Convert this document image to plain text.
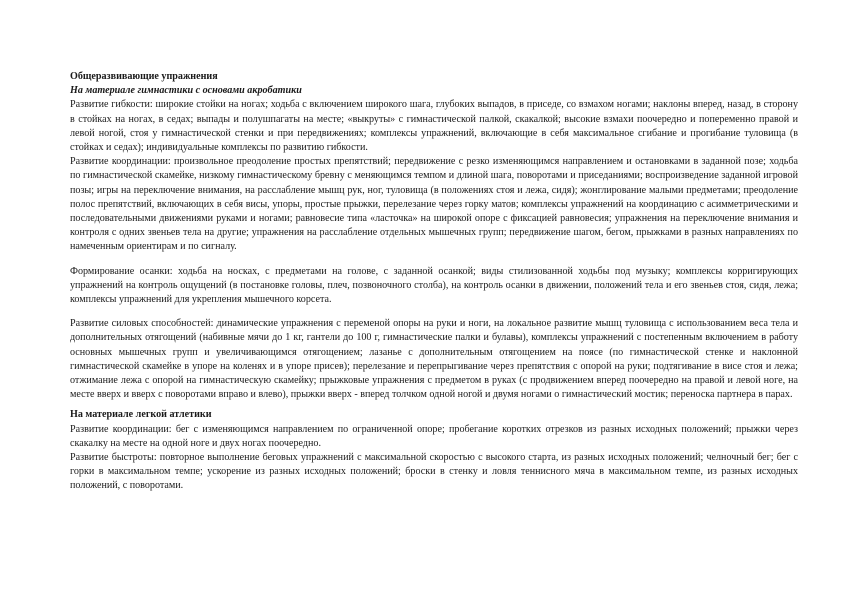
Общеразвивающие упражнения

На материале гимнастики с основами акробатики

Развитие гибкости: широкие стойки на ногах; ходьба с включением широкого шага, глубоких выпадов, в приседе, со взмахом ногами; наклоны вперед, назад, в сторону в стойках на ногах, в седах; выпады и полушпагаты на месте; «выкруты» с гимнастической палкой, скакалкой; высокие взмахи поочередно и попеременно правой и левой ногой, стоя у гимнастической стенки и при передвижениях; комплексы упражнений, включающие в себя максимальное сгибание и прогибание туловища (в стойках и седах); индивидуальные комплексы по развитию гибкости.

Развитие координации: произвольное преодоление простых препятствий; передвижение с резко изменяющимся направлением и остановками в заданной позе; ходьба по гимнастической скамейке, низкому гимнастическому бревну с меняющимся темпом и длиной шага, поворотами и приседаниями; воспроизведение заданной игровой позы; игры на переключение внимания, на расслабление мышц рук, ног, туловища (в положениях стоя и лежа, сидя); жонглирование малыми предметами; преодоление полос препятствий, включающих в себя висы, упоры, простые прыжки, перелезание через горку матов; комплексы упражнений на координацию с асимметрическими и последовательными движениями руками и ногами; равновесие типа «ласточка» на широкой опоре с фиксацией равновесия; упражнения на переключение внимания и контроля с одних звеньев тела на другие; упражнения на расслабление отдельных мышечных групп; передвижение шагом, бегом, прыжками в разных направлениях по намеченным ориентирам и по сигналу.

Формирование осанки: ходьба на носках, с предметами на голове, с заданной осанкой; виды стилизованной ходьбы под музыку; комплексы корригирующих упражнений на контроль ощущений (в постановке головы, плеч, позвоночного столба), на контроль осанки в движении, положений тела и его звеньев стоя, сидя, лежа; комплексы упражнений для укрепления мышечного корсета.

Развитие силовых способностей: динамические упражнения с переменой опоры на руки и ноги, на локальное развитие мышц туловища с использованием веса тела и дополнительных отягощений (набивные мячи до 1 кг, гантели до 100 г, гимнастические палки и булавы), комплексы упражнений с постепенным включением в работу основных мышечных групп и увеличивающимся отягощением; лазанье с дополнительным отягощением на поясе (по гимнастической стенке и наклонной гимнастической скамейке в упоре на коленях и в упоре присев); перелезание и перепрыгивание через препятствия с опорой на руки; подтягивание в висе стоя и лежа; отжимание лежа с опорой на гимнастическую скамейку; прыжковые упражнения с предметом в руках (с продвижением вперед поочередно на правой и левой ноге, на месте вверх и вверх с поворотами вправо и влево), прыжки вверх - вперед толчком одной ногой и двумя ногами о гимнастический мостик; переноска партнера в парах.

На материале легкой атлетики

Развитие координации: бег с изменяющимся направлением по ограниченной опоре; пробегание коротких отрезков из разных исходных положений; прыжки через скакалку на месте на одной ноге и двух ногах поочередно.

Развитие быстроты: повторное выполнение беговых упражнений с максимальной скоростью с высокого старта, из разных исходных положений; челночный бег; бег с горки в максимальном темпе; ускорение из разных исходных положений; броски в стенку и ловля теннисного мяча в максимальном темпе, из разных исходных положений, с поворотами.
